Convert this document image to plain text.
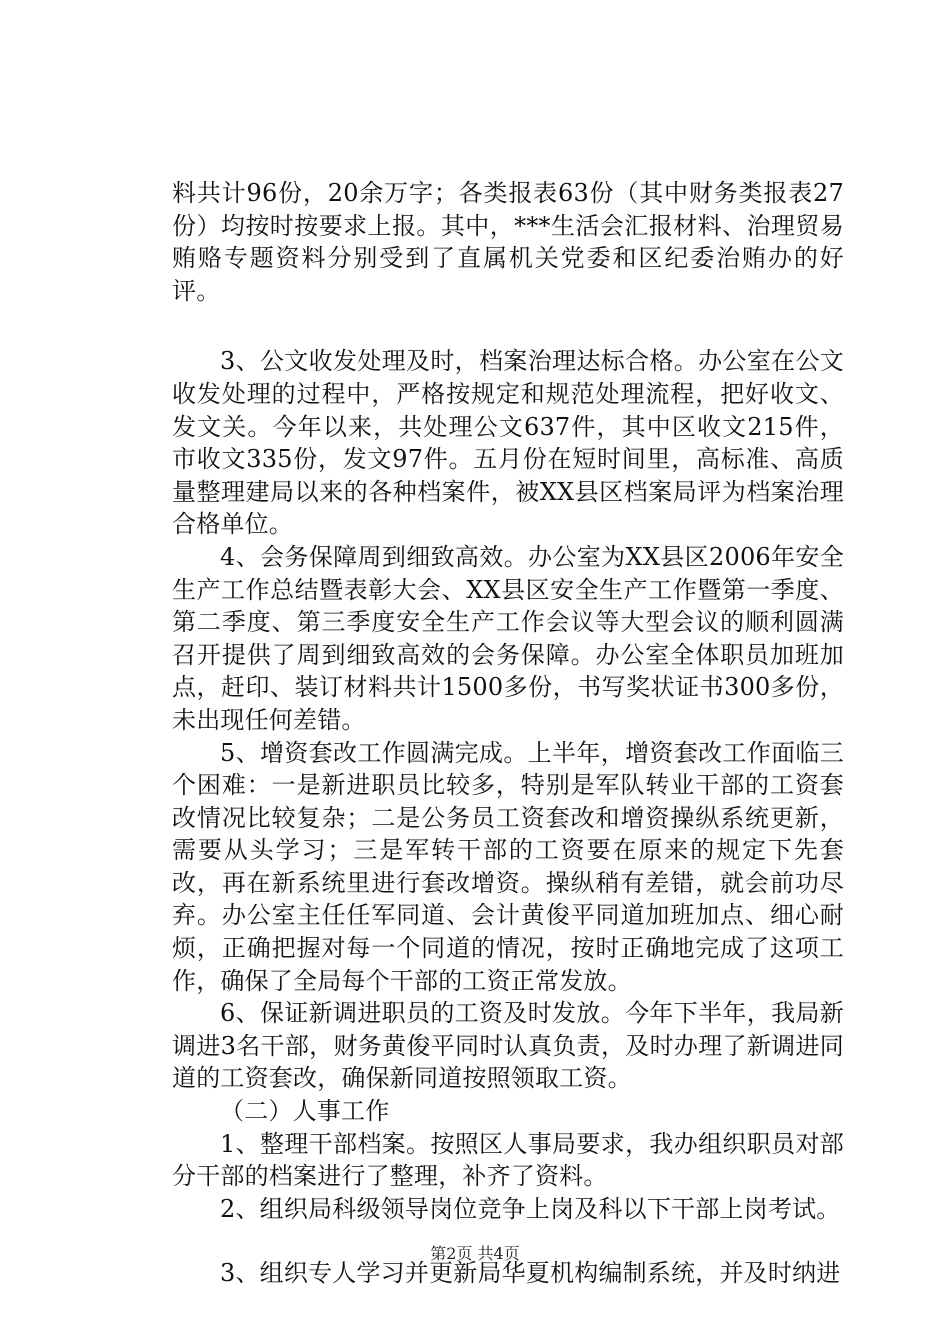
料共计96份，20余万字；各类报表63份（其中财务类报表27份）均按时按要求上报。其中，***生活会汇报材料、治理贸易贿赂专题资料分别受到了直属机关党委和区纪委治贿办的好评。

3、公文收发处理及时，档案治理达标合格。办公室在公文收发处理的过程中，严格按规定和规范处理流程，把好收文、发文关。今年以来，共处理公文637件，其中区收文215件，市收文335份，发文97件。五月份在短时间里，高标准、高质量整理建局以来的各种档案件，被XX县区档案局评为档案治理合格单位。

4、会务保障周到细致高效。办公室为XX县区2006年安全生产工作总结暨表彰大会、XX县区安全生产工作暨第一季度、第二季度、第三季度安全生产工作会议等大型会议的顺利圆满召开提供了周到细致高效的会务保障。办公室全体职员加班加点，赶印、装订材料共计1500多份，书写奖状证书300多份，未出现任何差错。

5、增资套改工作圆满完成。上半年，增资套改工作面临三个困难：一是新进职员比较多，特别是军队转业干部的工资套改情况比较复杂；二是公务员工资套改和增资操纵系统更新，需要从头学习；三是军转干部的工资要在原来的规定下先套改，再在新系统里进行套改增资。操纵稍有差错，就会前功尽弃。办公室主任任军同道、会计黄俊平同道加班加点、细心耐烦，正确把握对每一个同道的情况，按时正确地完成了这项工作，确保了全局每个干部的工资正常发放。

6、保证新调进职员的工资及时发放。今年下半年，我局新调进3名干部，财务黄俊平同时认真负责，及时办理了新调进同道的工资套改，确保新同道按照领取工资。

（二）人事工作

1、整理干部档案。按照区人事局要求，我办组织职员对部分干部的档案进行了整理，补齐了资料。

2、组织局科级领导岗位竞争上岗及科以下干部上岗考试。

3、组织专人学习并更新局华夏机构编制系统，并及时纳进

第2页 共4页
